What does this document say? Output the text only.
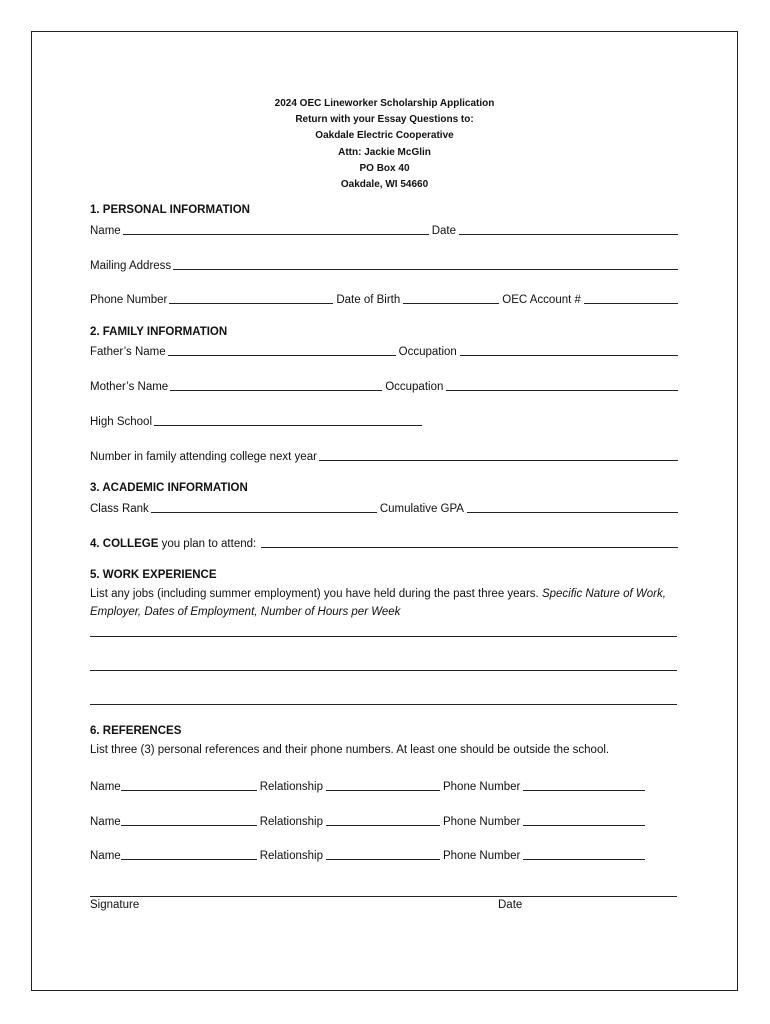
2024 OEC Lineworker Scholarship Application
Return with your Essay Questions to:
Oakdale Electric Cooperative
Attn: Jackie McGlin
PO Box 40
Oakdale, WI 54660
1. PERSONAL INFORMATION
Name	Date
Mailing Address
Phone Number	Date of Birth	OEC Account #
2. FAMILY INFORMATION
Father’s Name	Occupation
Mother’s Name	Occupation
High School
Number in family attending college next year
3. ACADEMIC INFORMATION
Class Rank	Cumulative GPA
4. COLLEGE you plan to attend:
5. WORK EXPERIENCE
List any jobs (including summer employment) you have held during the past three years. Specific Nature of Work, Employer, Dates of Employment, Number of Hours per Week
6. REFERENCES
List three (3) personal references and their phone numbers. At least one should be outside the school.
Name	Relationship	Phone Number
Name	Relationship	Phone Number
Name	Relationship	Phone Number
Signature	Date
